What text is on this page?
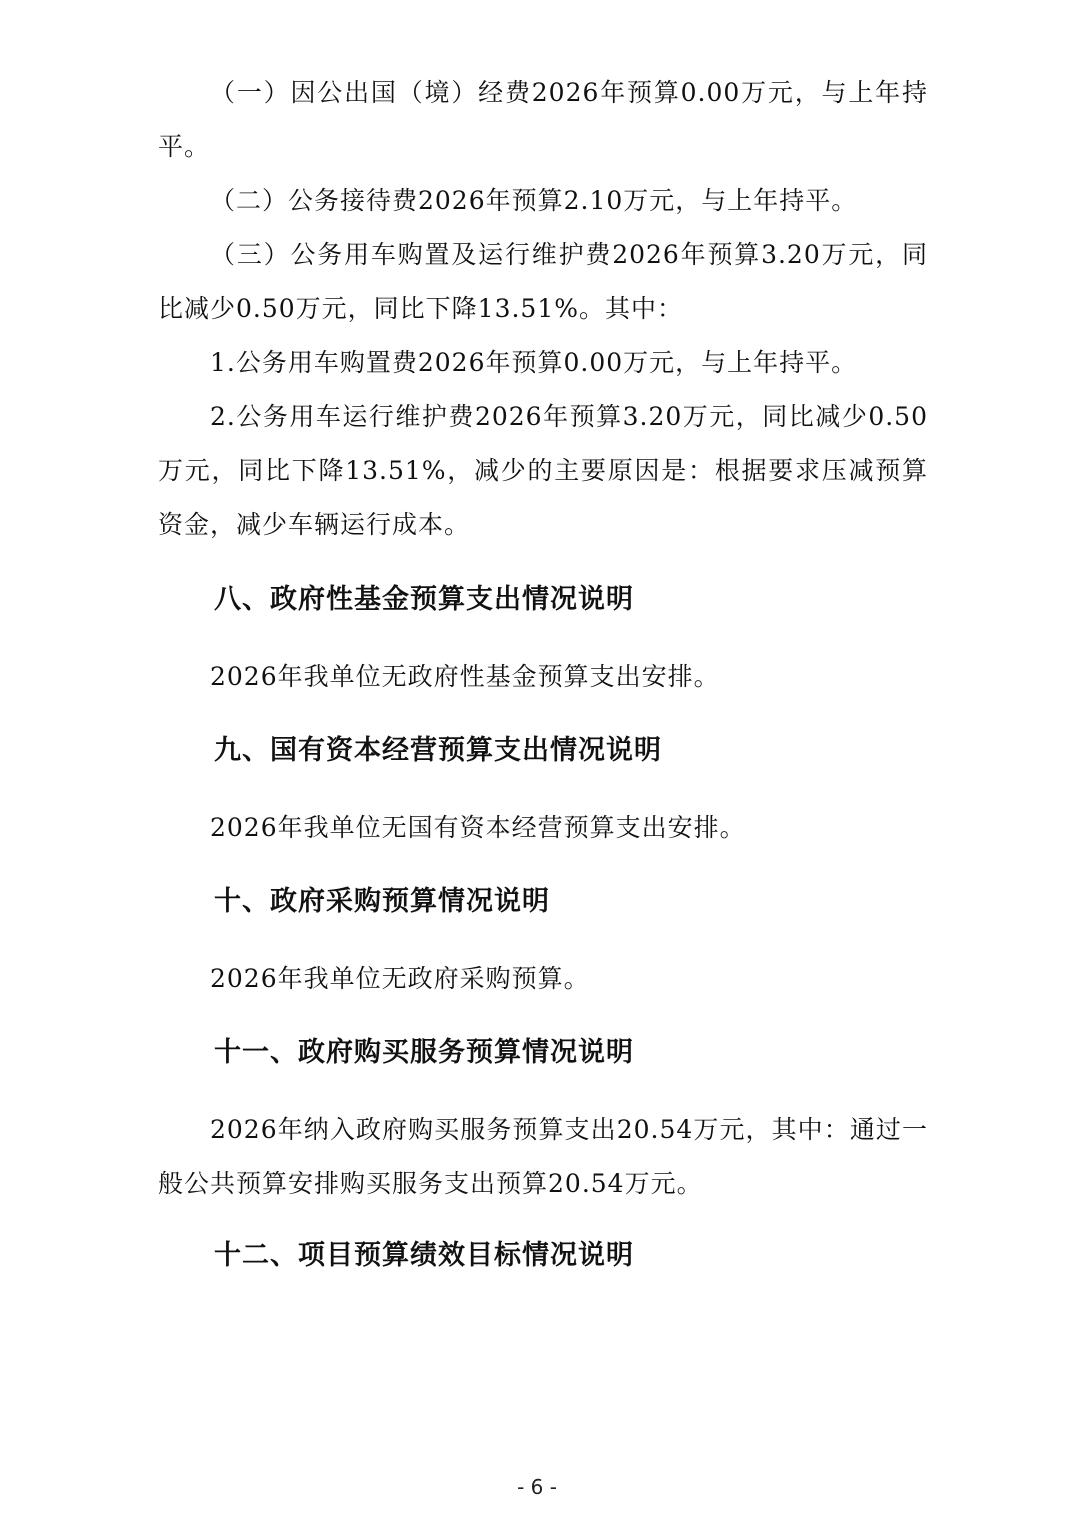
（一）因公出国（境）经费2026年预算0.00万元，与上年持平。

（二）公务接待费2026年预算2.10万元，与上年持平。

（三）公务用车购置及运行维护费2026年预算3.20万元，同比减少0.50万元，同比下降13.51%。其中：

1.公务用车购置费2026年预算0.00万元，与上年持平。

2.公务用车运行维护费2026年预算3.20万元，同比减少0.50万元，同比下降13.51%，减少的主要原因是：根据要求压减预算资金，减少车辆运行成本。

八、政府性基金预算支出情况说明

2026年我单位无政府性基金预算支出安排。

九、国有资本经营预算支出情况说明

2026年我单位无国有资本经营预算支出安排。

十、政府采购预算情况说明

2026年我单位无政府采购预算。

十一、政府购买服务预算情况说明

2026年纳入政府购买服务预算支出20.54万元，其中：通过一般公共预算安排购买服务支出预算20.54万元。

十二、项目预算绩效目标情况说明
- 6 -
